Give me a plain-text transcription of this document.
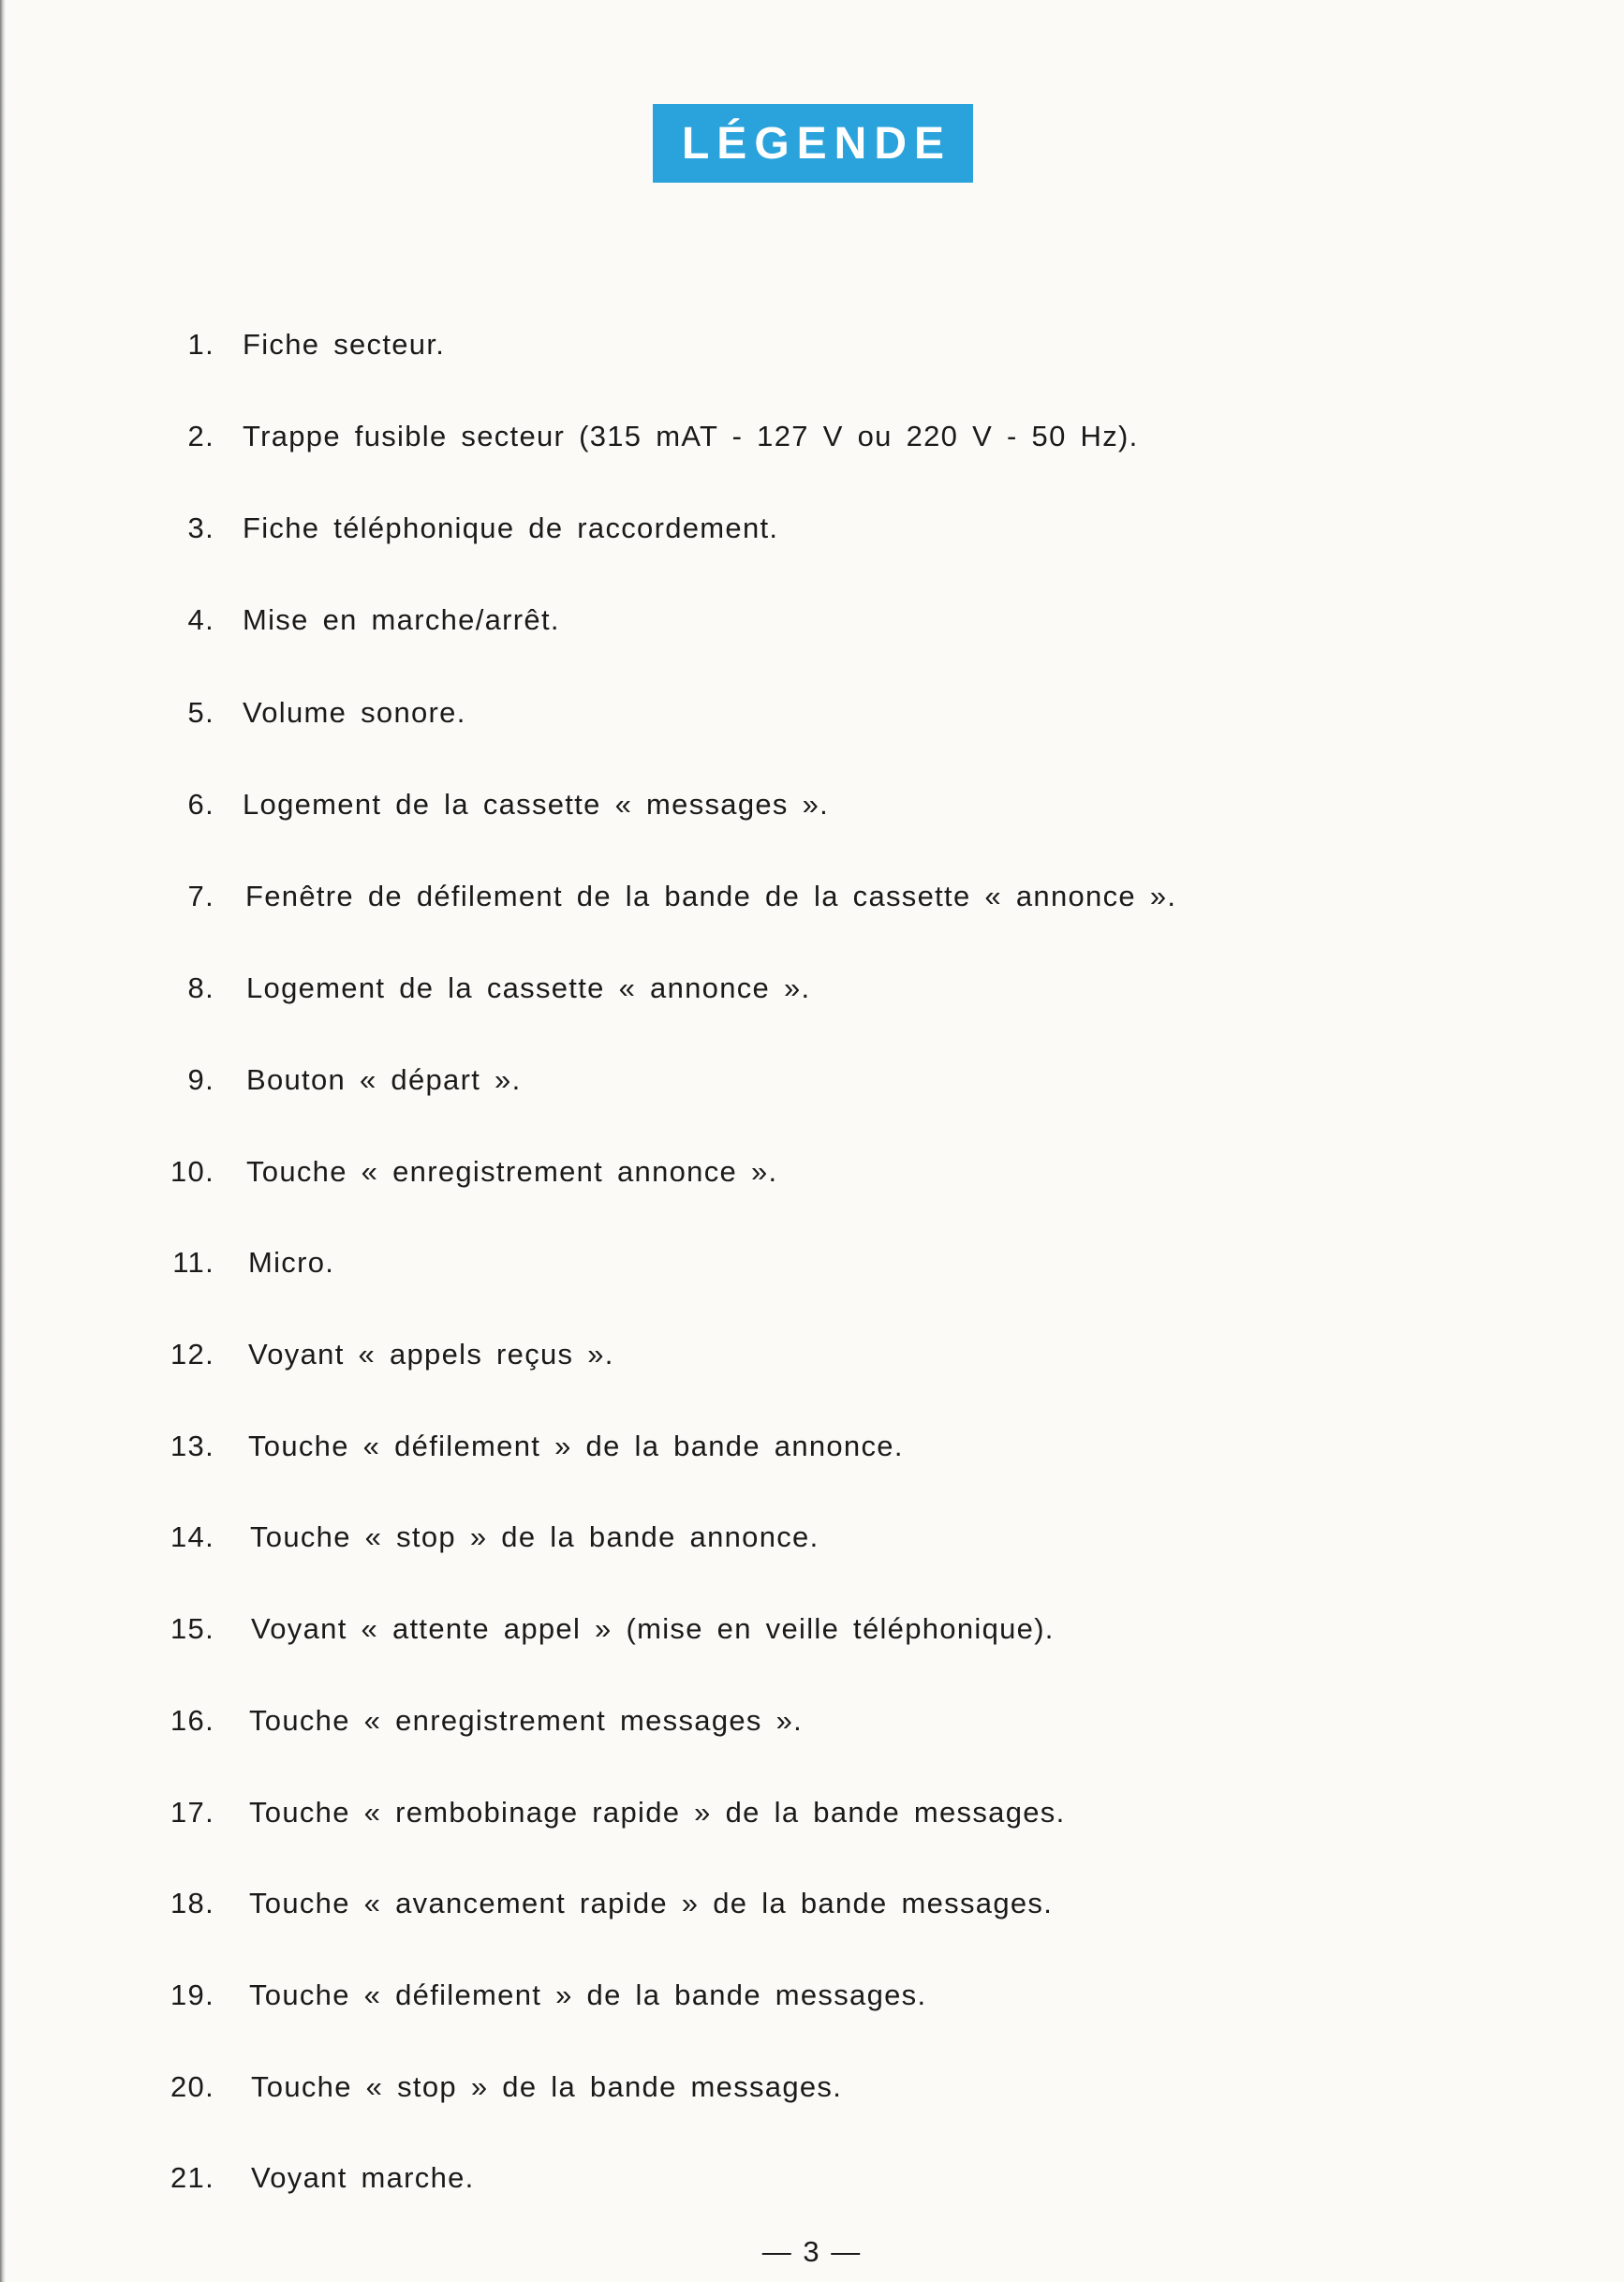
LÉGENDE
1. Fiche secteur.
2. Trappe fusible secteur (315 mAT - 127 V ou 220 V - 50 Hz).
3. Fiche téléphonique de raccordement.
4. Mise en marche/arrêt.
5. Volume sonore.
6. Logement de la cassette « messages ».
7. Fenêtre de défilement de la bande de la cassette « annonce ».
8. Logement de la cassette « annonce ».
9. Bouton « départ ».
10. Touche « enregistrement annonce ».
11. Micro.
12. Voyant « appels reçus ».
13. Touche « défilement » de la bande annonce.
14. Touche « stop » de la bande annonce.
15. Voyant « attente appel » (mise en veille téléphonique).
16. Touche « enregistrement messages ».
17. Touche « rembobinage rapide » de la bande messages.
18. Touche « avancement rapide » de la bande messages.
19. Touche « défilement » de la bande messages.
20. Touche « stop » de la bande messages.
21. Voyant marche.
— 3 —
